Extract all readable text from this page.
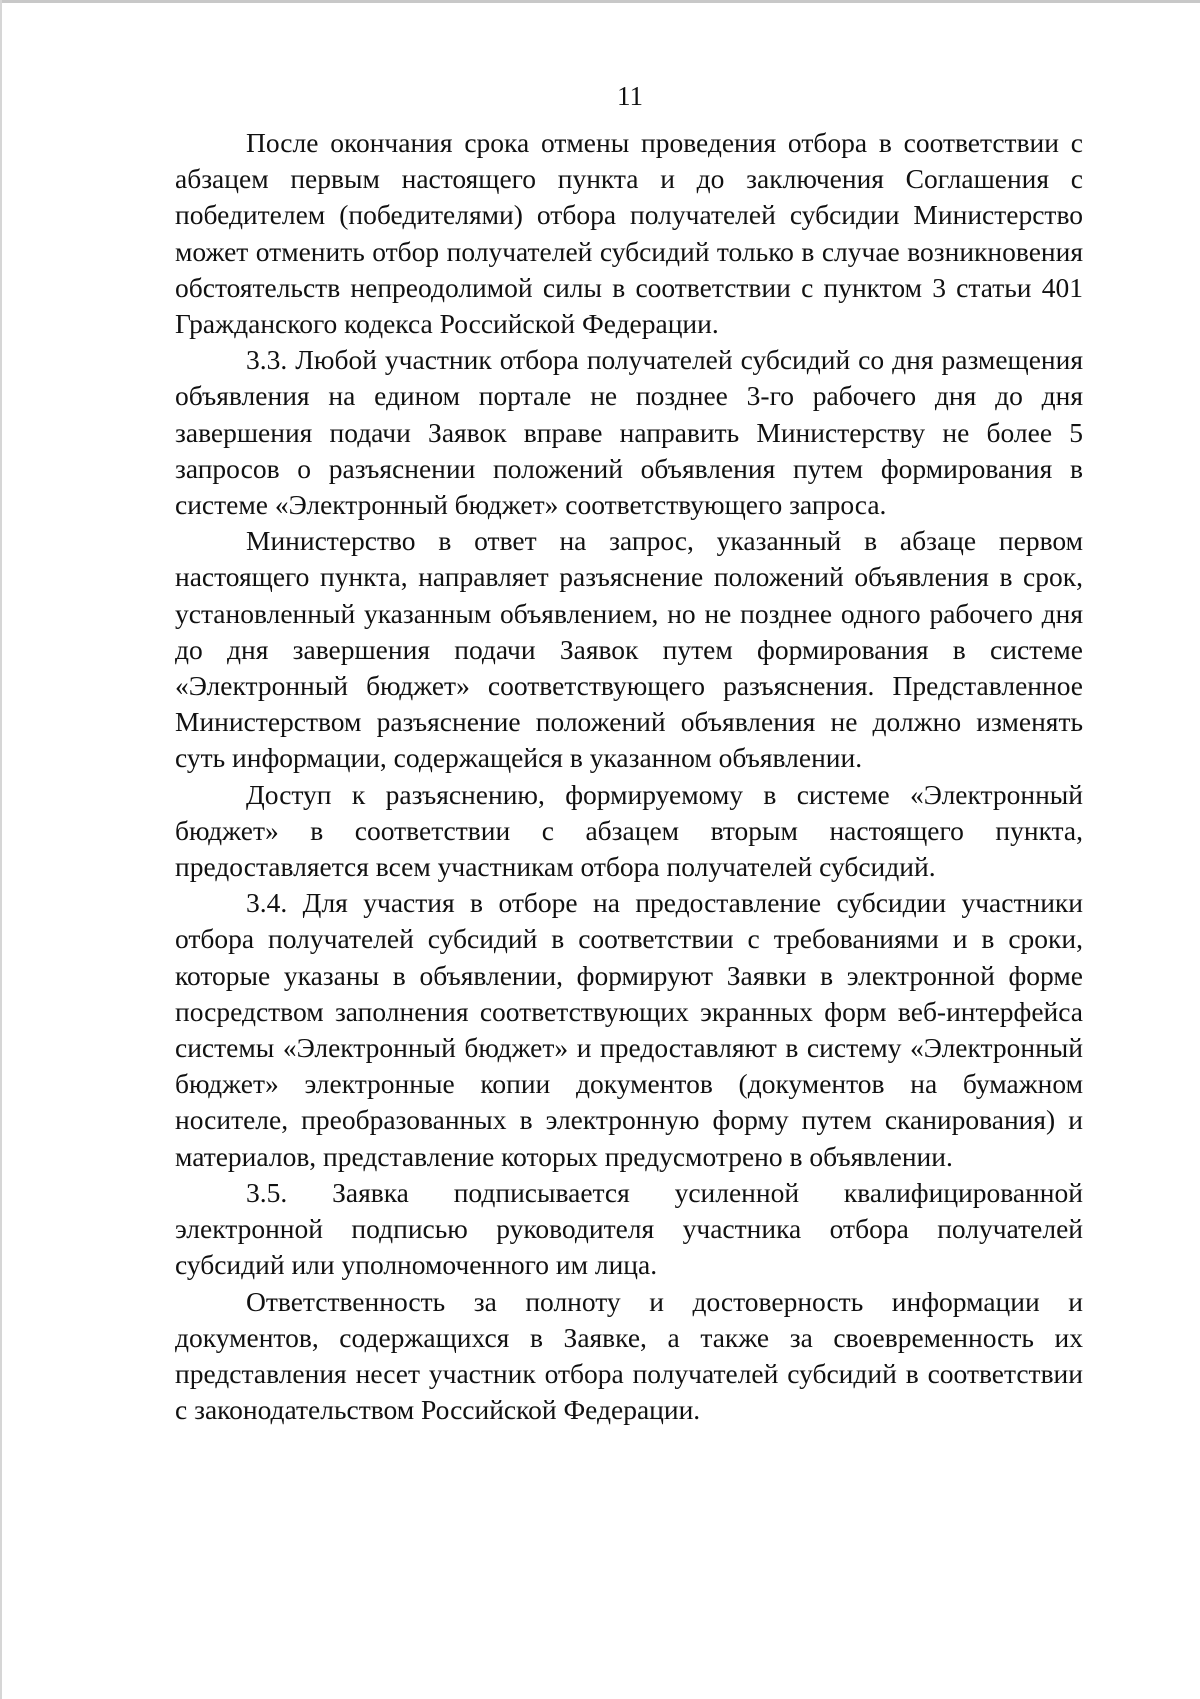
11

После окончания срока отмены проведения отбора в соответствии с абзацем первым настоящего пункта и до заключения Соглашения с победителем (победителями) отбора получателей субсидии Министерство может отменить отбор получателей субсидий только в случае возникновения обстоятельств непреодолимой силы в соответствии с пунктом 3 статьи 401 Гражданского кодекса Российской Федерации.

3.3. Любой участник отбора получателей субсидий со дня размещения объявления на едином портале не позднее 3-го рабочего дня до дня завершения подачи Заявок вправе направить Министерству не более 5 запросов о разъяснении положений объявления путем формирования в системе «Электронный бюджет» соответствующего запроса.

Министерство в ответ на запрос, указанный в абзаце первом настоящего пункта, направляет разъяснение положений объявления в срок, установленный указанным объявлением, но не позднее одного рабочего дня до дня завершения подачи Заявок путем формирования в системе «Электронный бюджет» соответствующего разъяснения. Представленное Министерством разъяснение положений объявления не должно изменять суть информации, содержащейся в указанном объявлении.

Доступ к разъяснению, формируемому в системе «Электронный бюджет» в соответствии с абзацем вторым настоящего пункта, предоставляется всем участникам отбора получателей субсидий.

3.4. Для участия в отборе на предоставление субсидии участники отбора получателей субсидий в соответствии с требованиями и в сроки, которые указаны в объявлении, формируют Заявки в электронной форме посредством заполнения соответствующих экранных форм веб-интерфейса системы «Электронный бюджет» и предоставляют в систему «Электронный бюджет» электронные копии документов (документов на бумажном носителе, преобразованных в электронную форму путем сканирования) и материалов, представление которых предусмотрено в объявлении.

3.5. Заявка подписывается усиленной квалифицированной электронной подписью руководителя участника отбора получателей субсидий или уполномоченного им лица.

Ответственность за полноту и достоверность информации и документов, содержащихся в Заявке, а также за своевременность их представления несет участник отбора получателей субсидий в соответствии с законодательством Российской Федерации.
